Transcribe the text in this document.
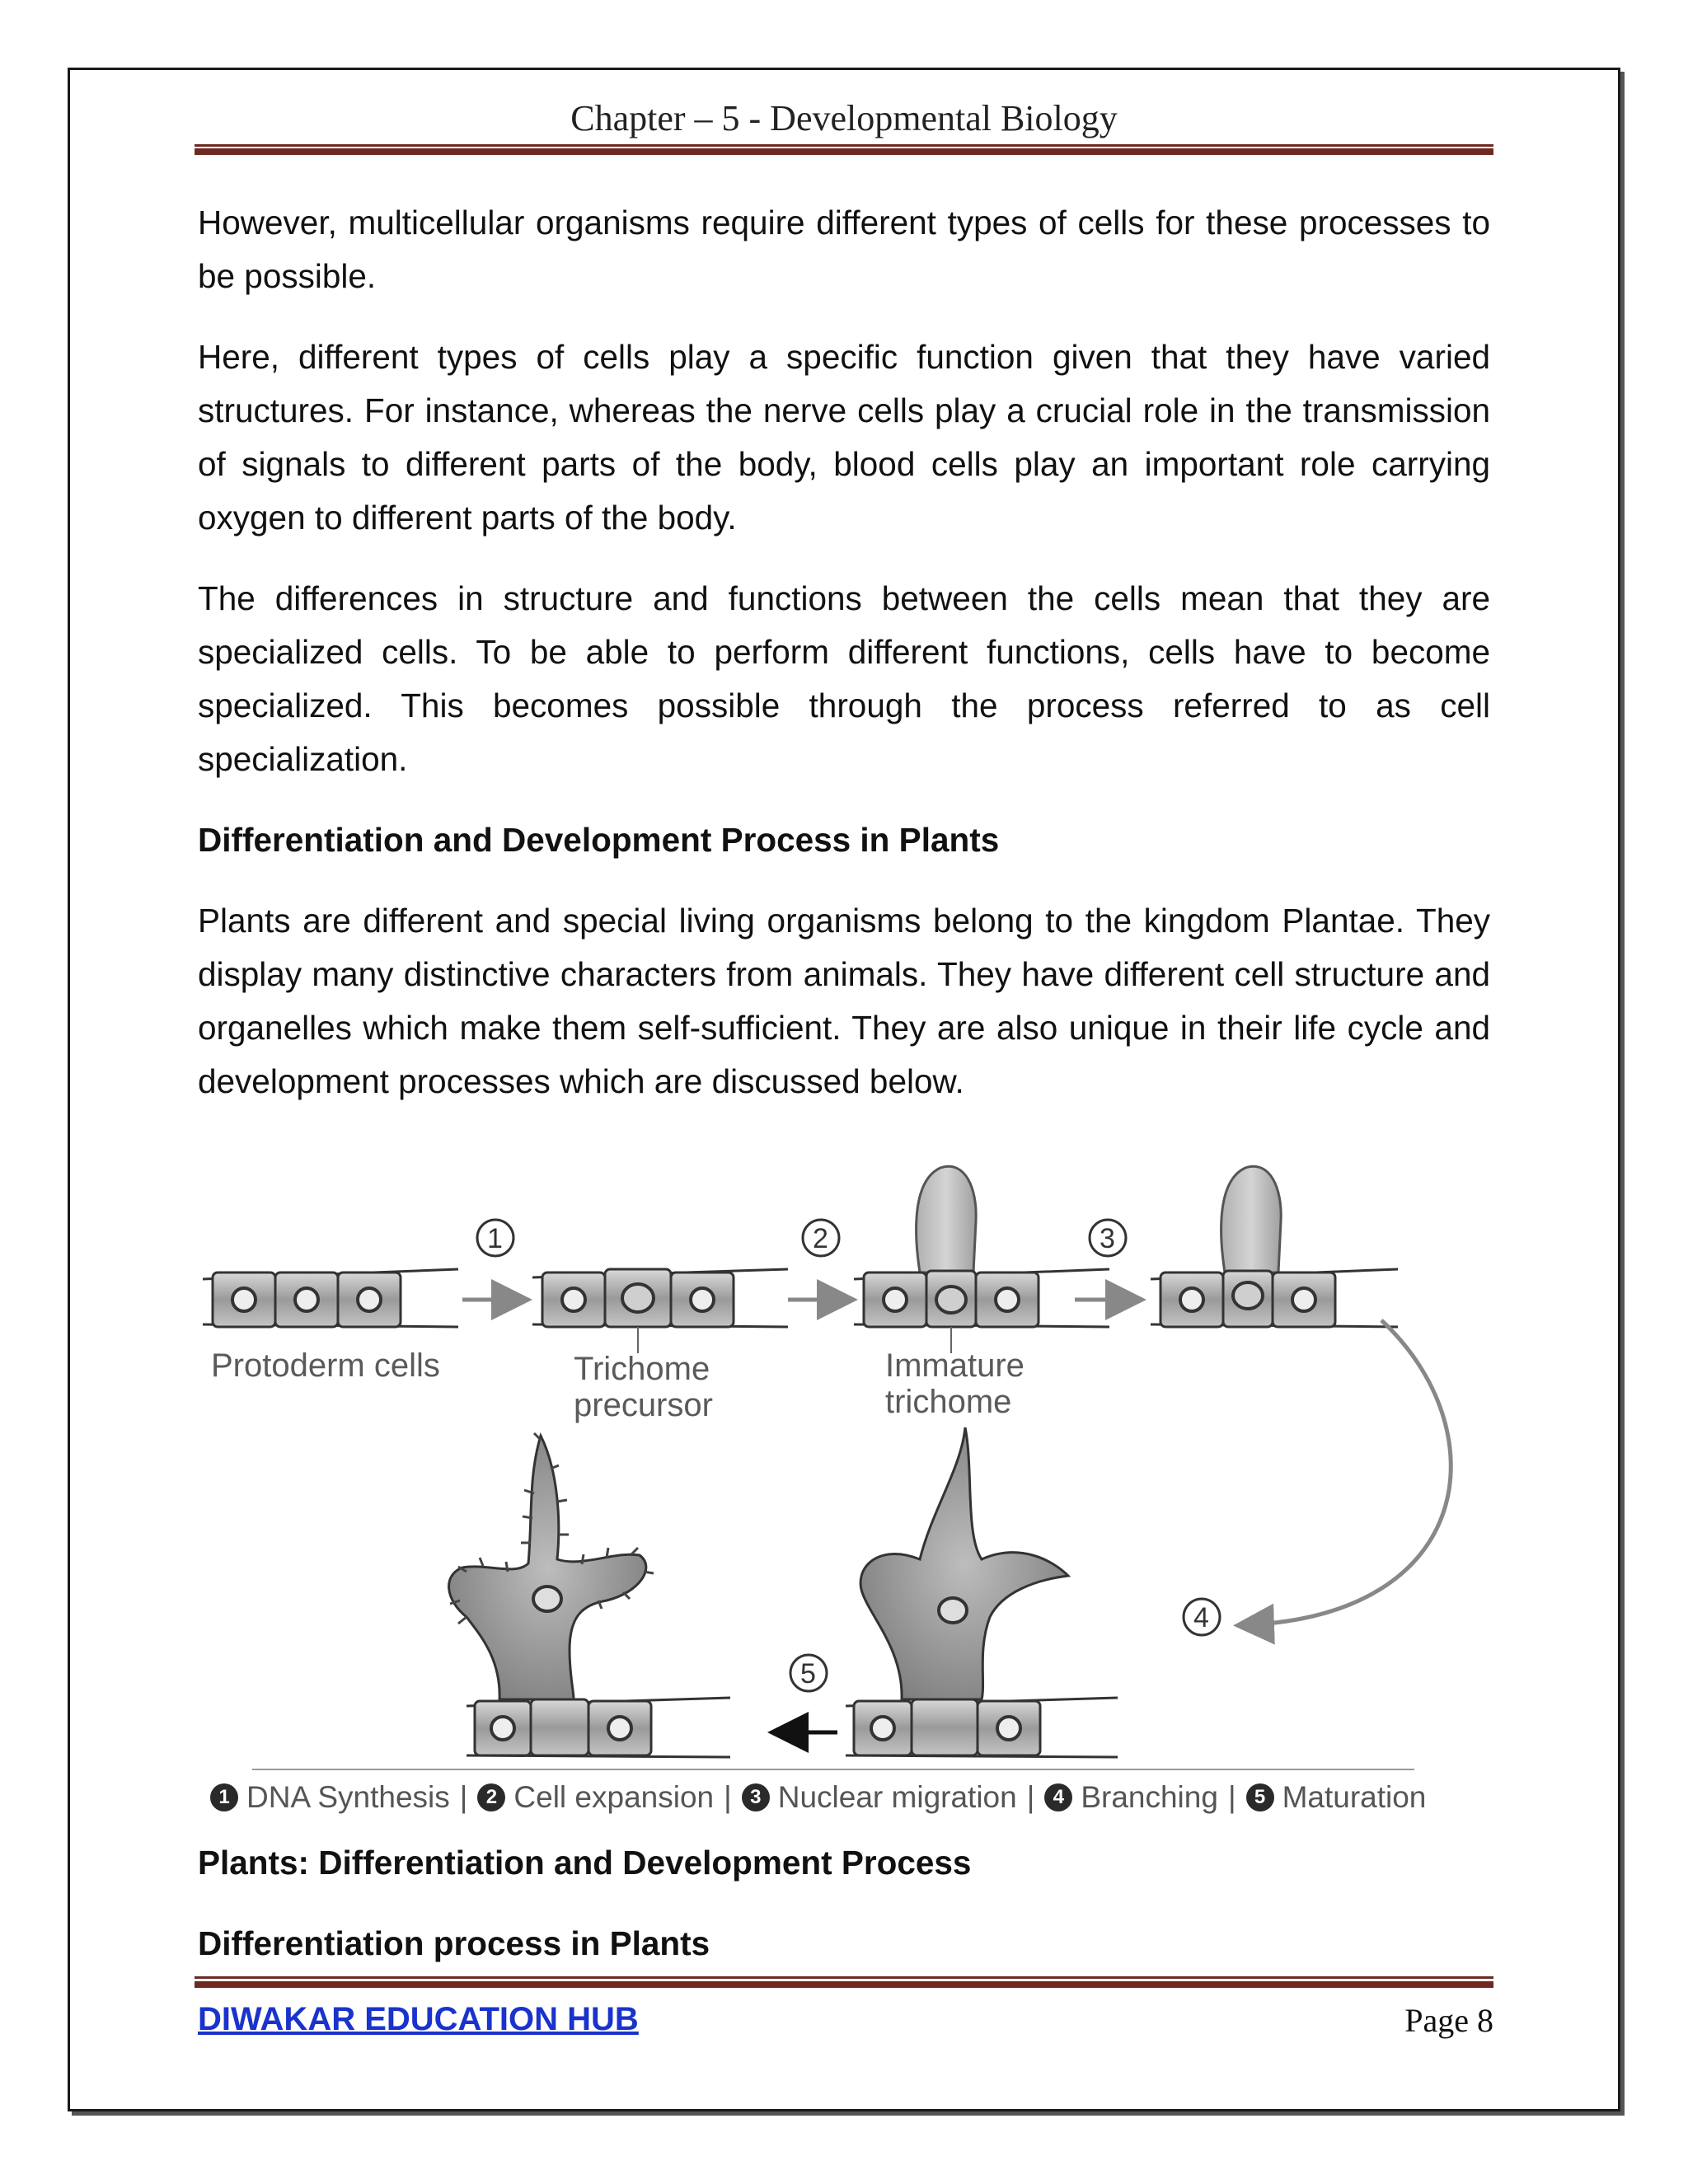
Chapter – 5 - Developmental Biology

However, multicellular organisms require different types of cells for these processes to be possible.

Here, different types of cells play a specific function given that they have varied structures. For instance, whereas the nerve cells play a crucial role in the transmission of signals to different parts of the body, blood cells play an important role carrying oxygen to different parts of the body.

The differences in structure and functions between the cells mean that they are specialized cells. To be able to perform different functions, cells have to become specialized. This becomes possible through the process referred to as cell specialization.

Differentiation and Development Process in Plants

Plants are different and special living organisms belong to the kingdom Plantae. They display many distinctive characters from animals. They have different cell structure and organelles which make them self-sufficient. They are also unique in their life cycle and development processes which are discussed below.

Protoderm cells
1
Trichome
precursor
2
Immature
trichome
3
4
5
1 DNA Synthesis | 2 Cell expansion | 3 Nuclear migration | 4 Branching | 5 Maturation

Plants: Differentiation and Development Process

Differentiation process in Plants

DIWAKAR EDUCATION HUB	Page 8
